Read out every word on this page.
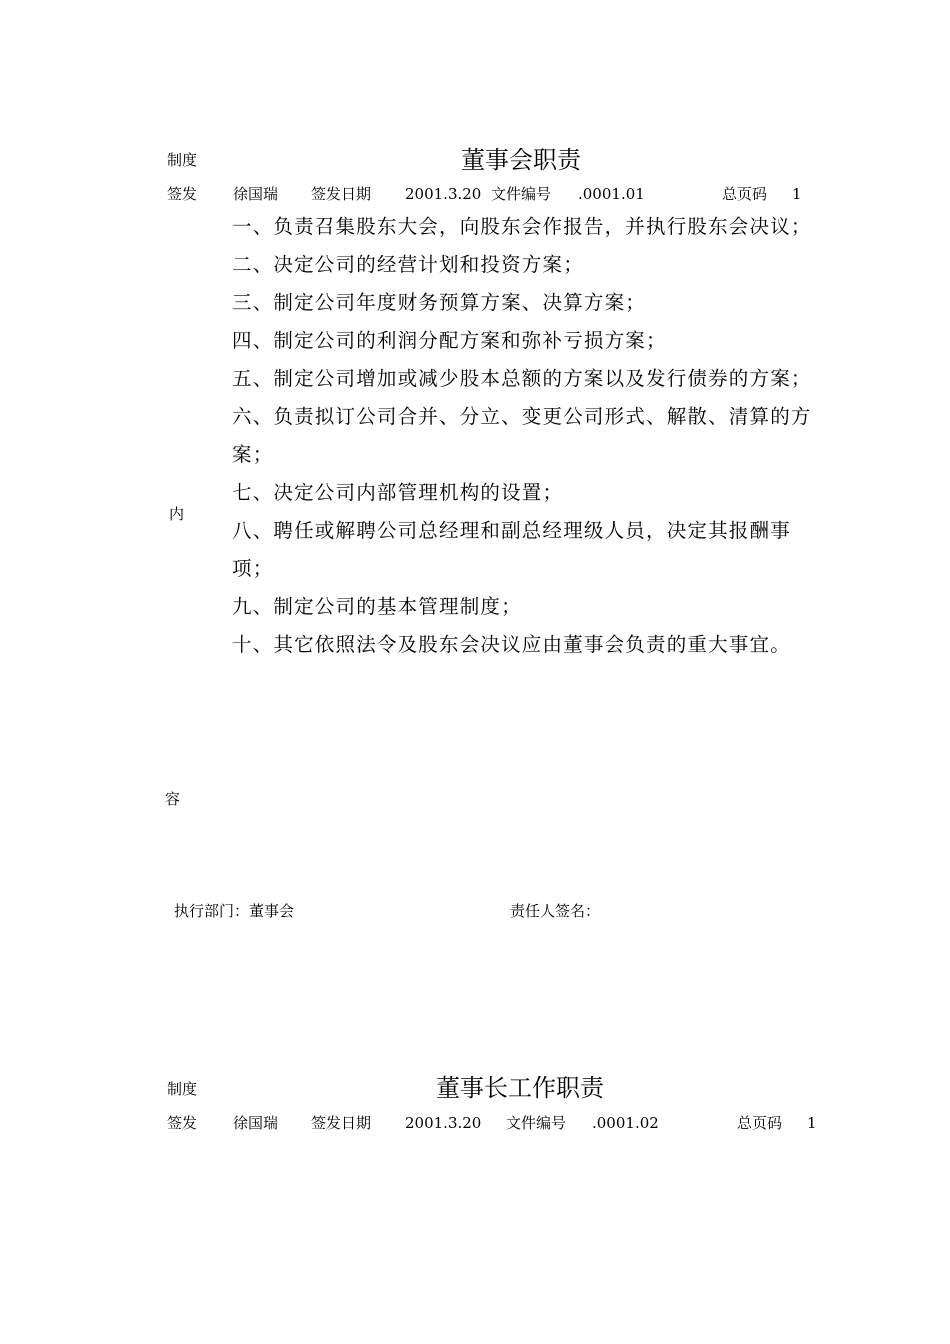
制度	董事会职责
签发 徐国瑞 签发日期 2001.3.20 文件编号 .0001.01	总页码 1
内
容

一、负责召集股东大会，向股东会作报告，并执行股东会决议；

二、决定公司的经营计划和投资方案；

三、制定公司年度财务预算方案、决算方案；

四、制定公司的利润分配方案和弥补亏损方案；

五、制定公司增加或减少股本总额的方案以及发行债券的方案；

六、负责拟订公司合并、分立、变更公司形式、解散、清算的方案；

七、决定公司内部管理机构的设置；

八、聘任或解聘公司总经理和副总经理级人员，决定其报酬事项；

九、制定公司的基本管理制度；

十、其它依照法令及股东会决议应由董事会负责的重大事宜。

执行部门：董事会	责任人签名：
制度	董事长工作职责
签发 徐国瑞 签发日期 2001.3.20 文件编号 .0001.02	总页码 1
